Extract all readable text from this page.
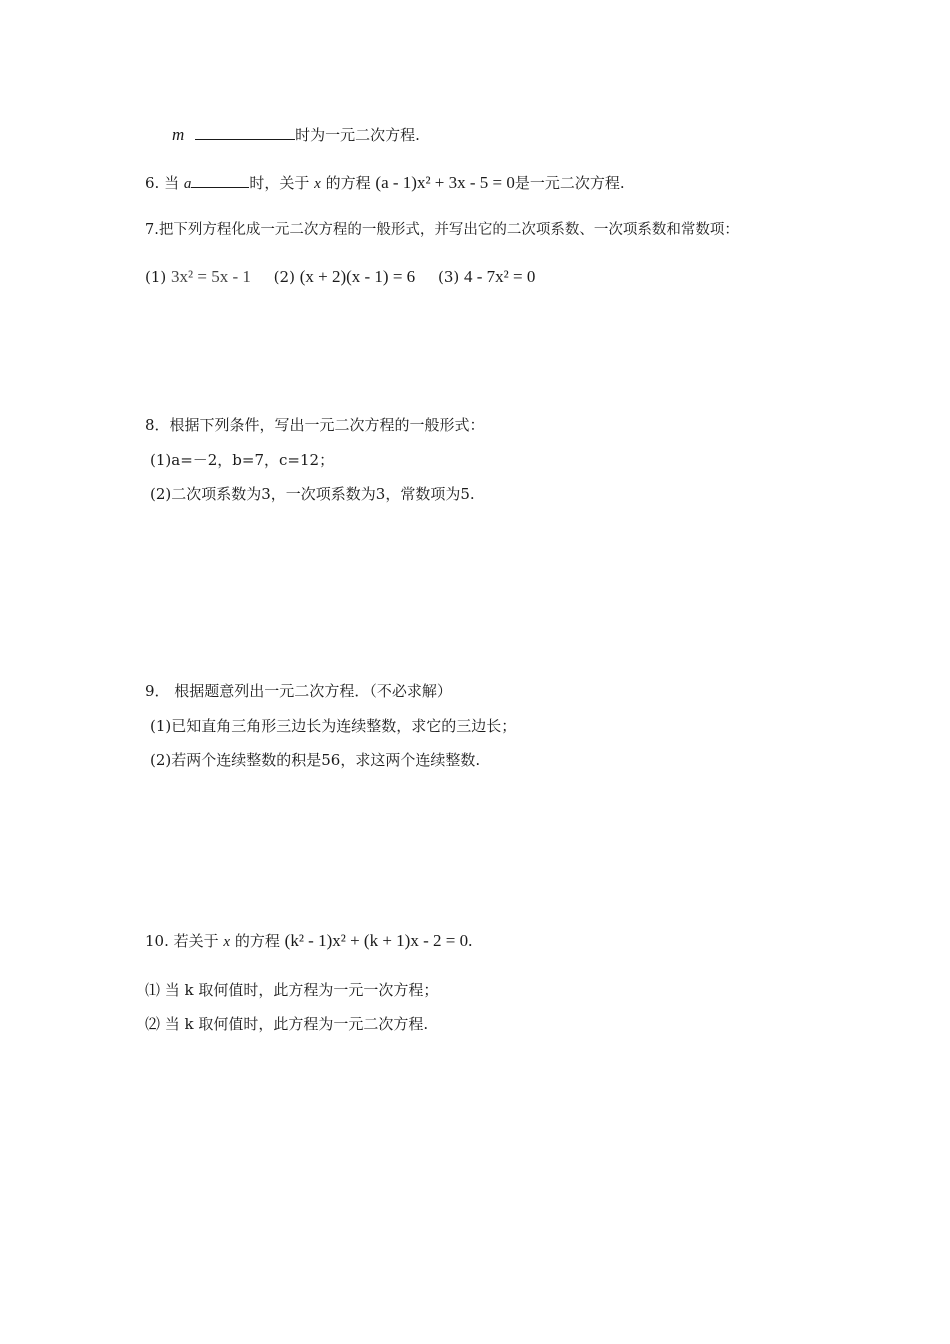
m	时为一元二次方程.
6. 当 a	时，关于 x 的方程 (a - 1)x² + 3x - 5 = 0是一元二次方程.
7.把下列方程化成一元二次方程的一般形式，并写出它的二次项系数、一次项系数和常数项：
(1) 3x² = 5x - 1 (2) (x + 2)(x - 1) = 6 (3) 4 - 7x² = 0
8．根据下列条件，写出一元二次方程的一般形式：
(1)a=－2，b=7，c=12；
(2)二次项系数为3，一次项系数为3，常数项为5.
9． 根据题意列出一元二次方程．（不必求解）
(1)已知直角三角形三边长为连续整数，求它的三边长；
(2)若两个连续整数的积是56，求这两个连续整数.
10. 若关于 x 的方程 (k² - 1)x² + (k + 1)x - 2 = 0.
⑴ 当 k 取何值时，此方程为一元一次方程；
⑵ 当 k 取何值时，此方程为一元二次方程.
